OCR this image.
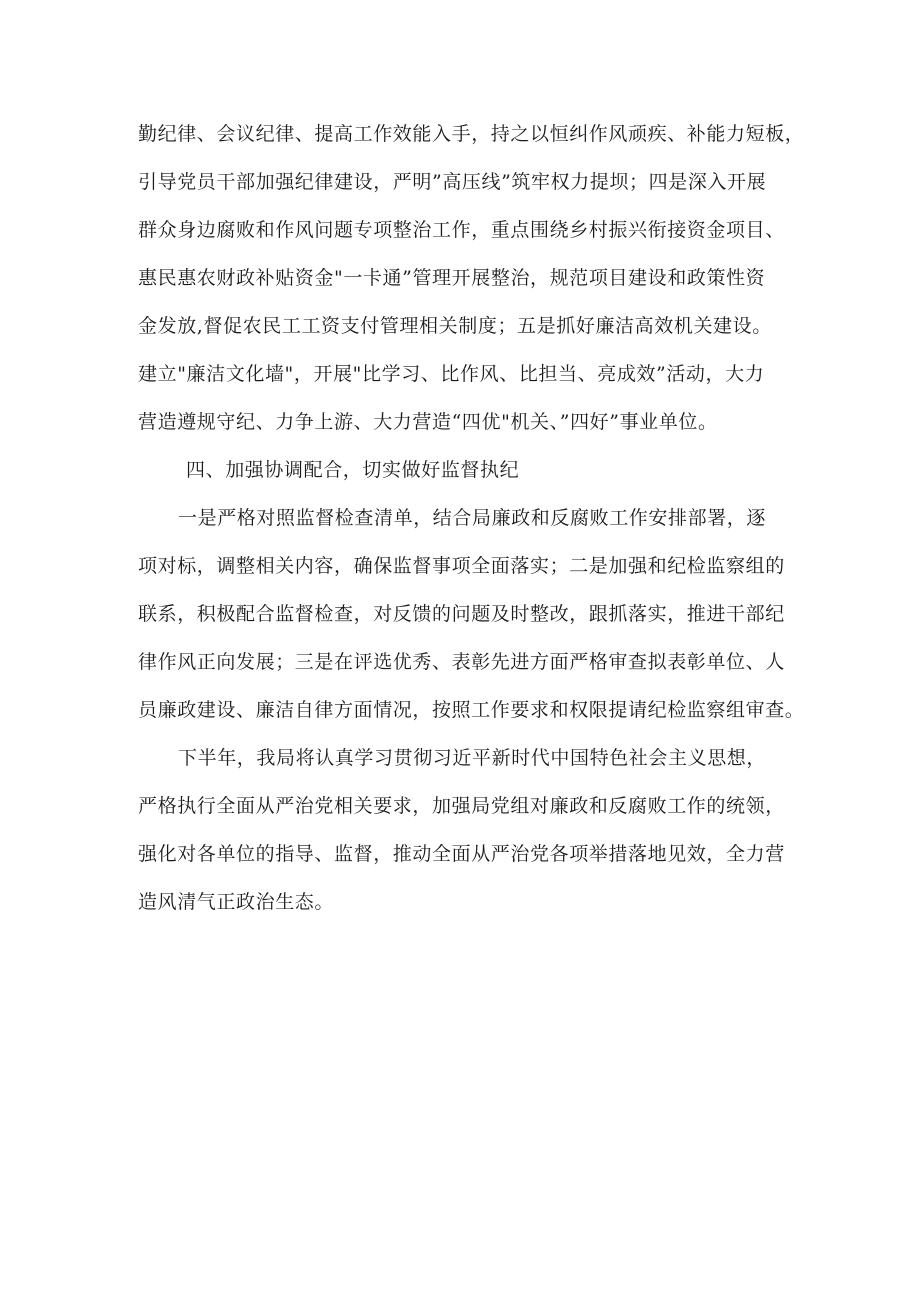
勤纪律、会议纪律、提高工作效能入手，持之以恒纠作风顽疾、补能力短板，
引导党员干部加强纪律建设，严明”高压线”筑牢权力提坝；四是深入开展
群众身边腐败和作风问题专项整治工作，重点围绕乡村振兴衔接资金项目、
惠民惠农财政补贴资金"一卡通”管理开展整治，规范项目建设和政策性资
金发放,督促农民工工资支付管理相关制度；五是抓好廉洁高效机关建设。
建立"廉洁文化墙"，开展"比学习、比作风、比担当、亮成效”活动，大力
营造遵规守纪、力争上游、大力营造“四优"机关、”四好”事业单位。
四、加强协调配合，切实做好监督执纪
一是严格对照监督检查清单，结合局廉政和反腐败工作安排部署，逐
项对标，调整相关内容，确保监督事项全面落实；二是加强和纪检监察组的
联系，积极配合监督检查，对反馈的问题及时整改，跟抓落实，推进干部纪
律作风正向发展；三是在评选优秀、表彰先进方面严格审查拟表彰单位、人
员廉政建设、廉洁自律方面情况，按照工作要求和权限提请纪检监察组审查。
下半年，我局将认真学习贯彻习近平新时代中国特色社会主义思想，
严格执行全面从严治党相关要求，加强局党组对廉政和反腐败工作的统领，
强化对各单位的指导、监督，推动全面从严治党各项举措落地见效，全力营
造风清气正政治生态。
